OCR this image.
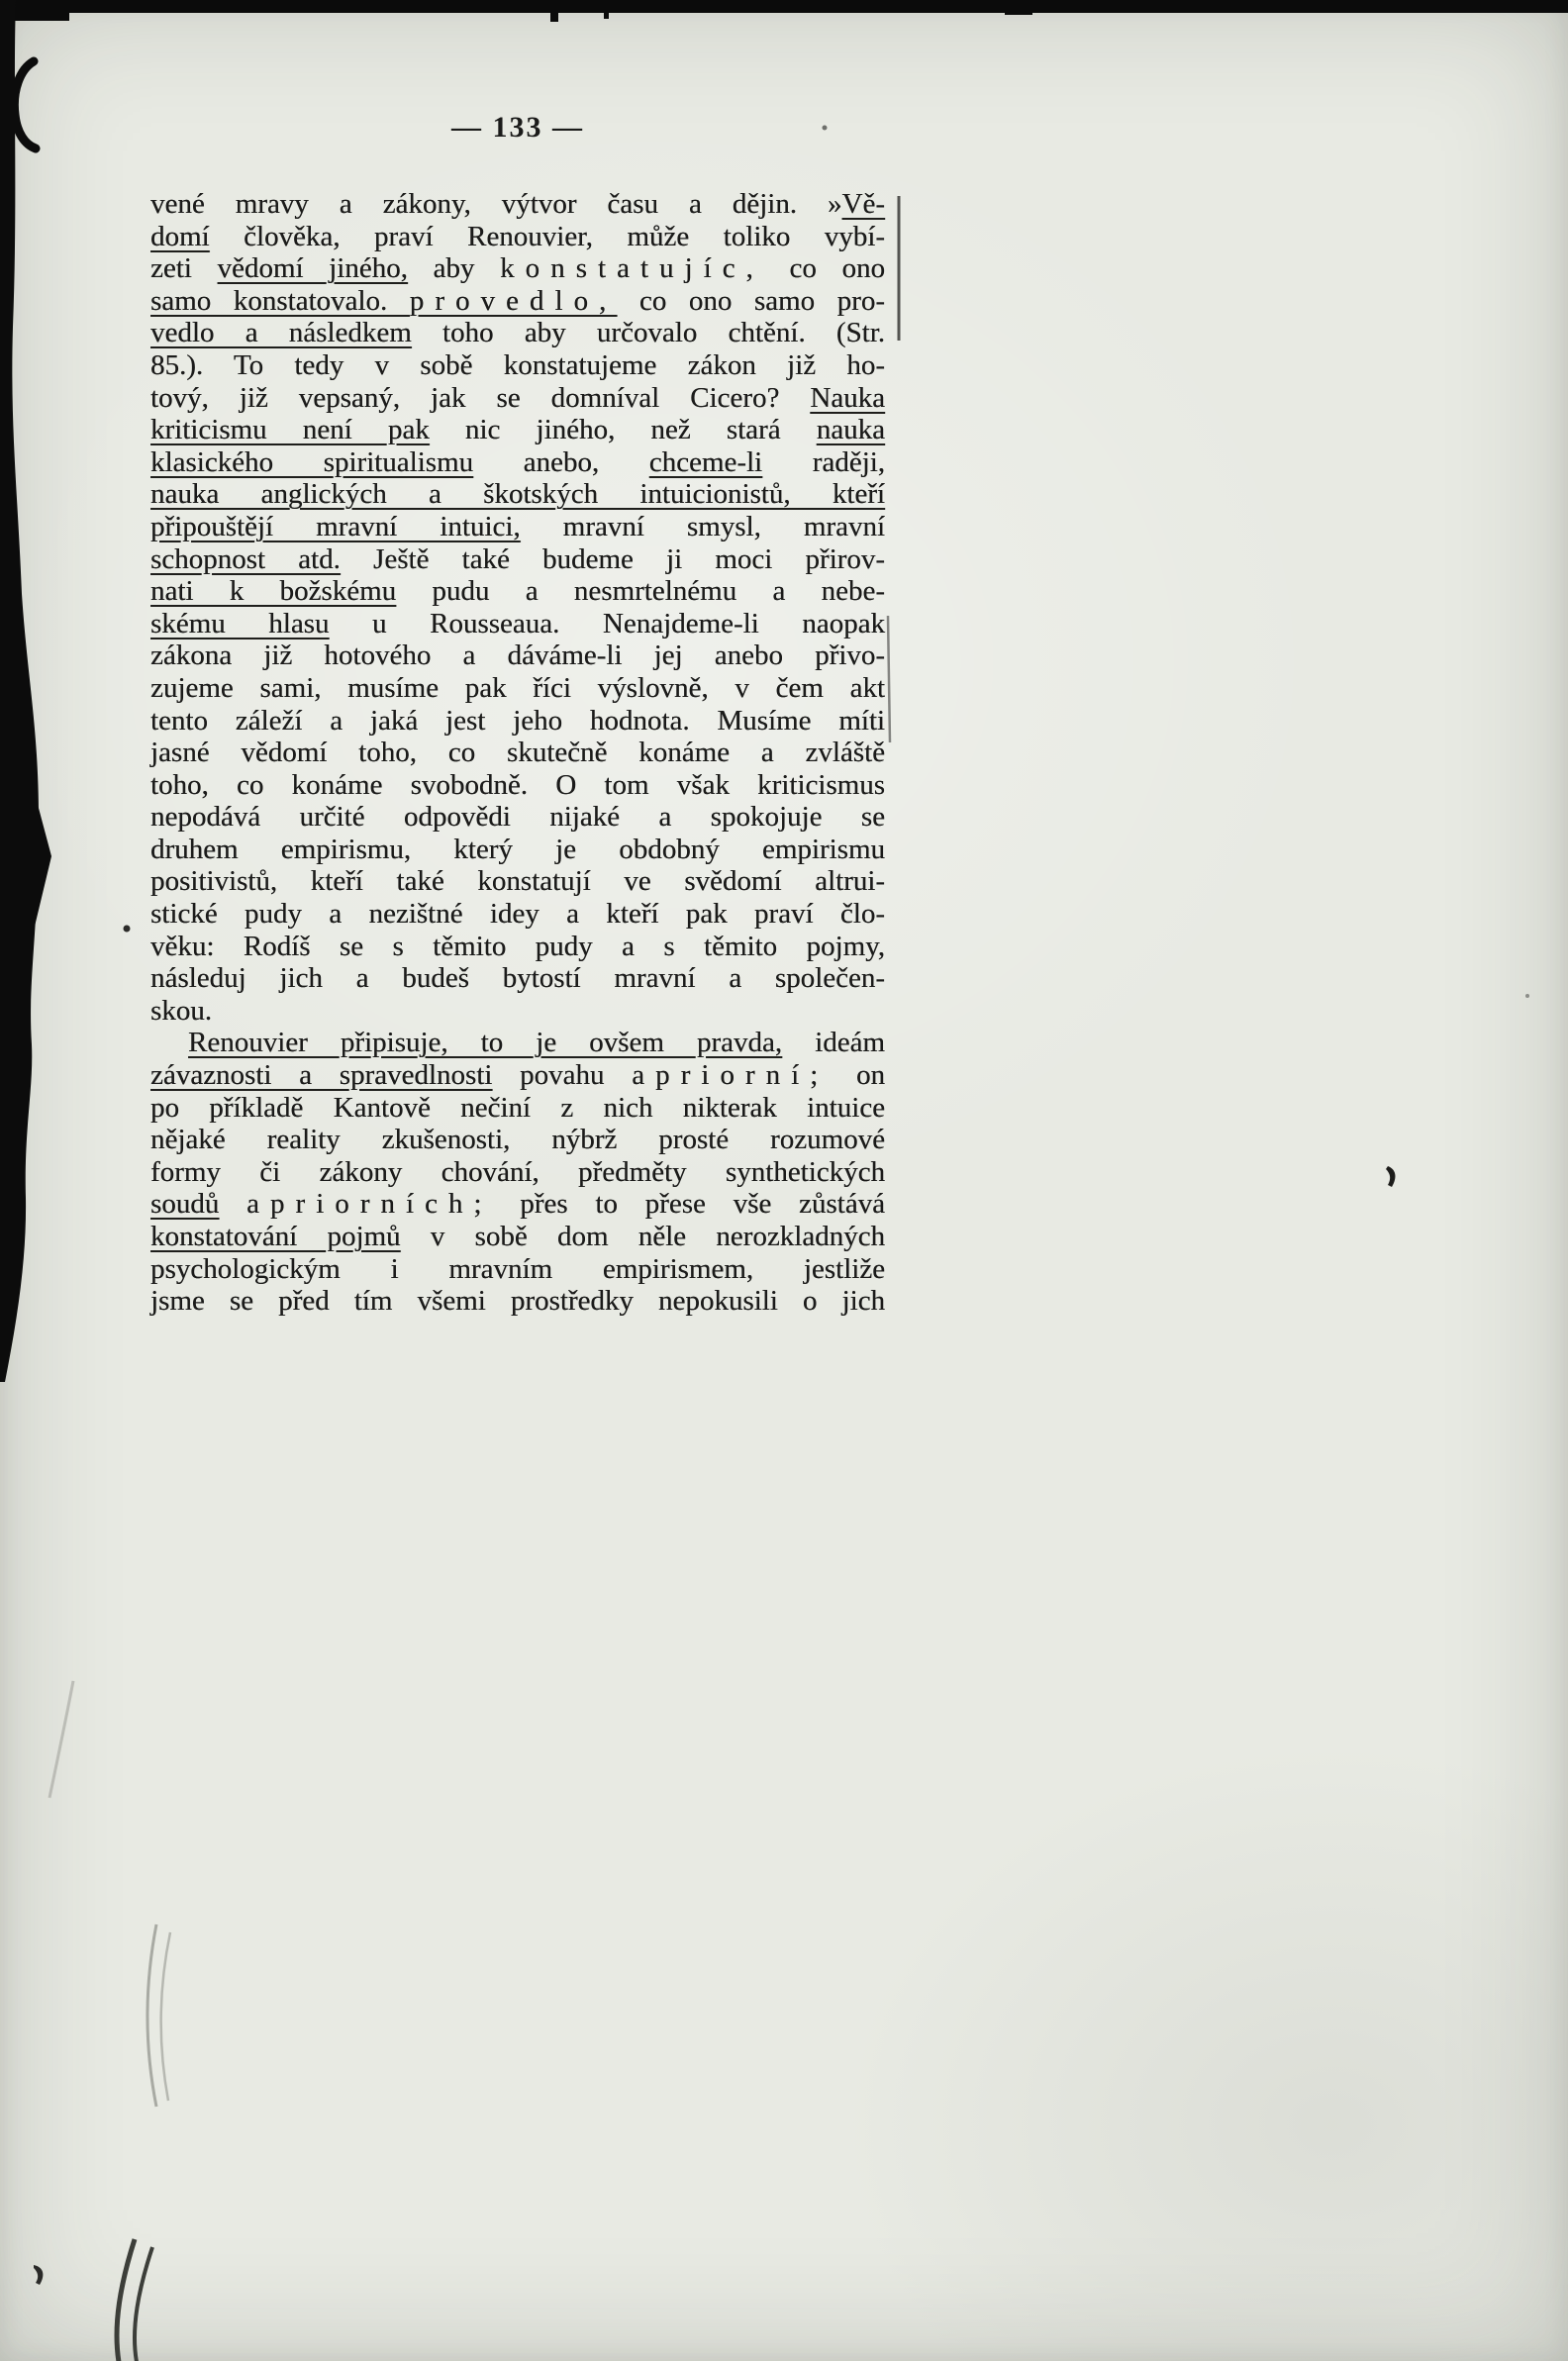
— 133 —
vené mravy a zákony, výtvor času a dějin. »Vě-
domí člověka, praví Renouvier, může toliko vybí-
zeti vědomí jiného, aby konstatujíc, co ono
samo konstatovalo. provedlo, co ono samo pro-
vedlo a následkem toho aby určovalo chtění. (Str.
85.). To tedy v sobě konstatujeme zákon již ho-
tový, již vepsaný, jak se domníval Cicero? Nauka
kriticismu není pak nic jiného, než stará nauka
klasického spiritualismu anebo, chceme-li raději,
nauka anglických a škotských intuicionistů, kteří
připouštějí mravní intuici, mravní smysl, mravní
schopnost atd. Ještě také budeme ji moci přirov-
nati k božskému pudu a nesmrtelnému a nebe-
skému hlasu u Rousseaua. Nenajdeme-li naopak
zákona již hotového a dáváme-li jej anebo přivo-
zujeme sami, musíme pak říci výslovně, v čem akt
tento záleží a jaká jest jeho hodnota. Musíme míti
jasné vědomí toho, co skutečně konáme a zvláště
toho, co konáme svobodně. O tom však kriticismus
nepodává určité odpovědi nijaké a spokojuje se
druhem empirismu, který je obdobný empirismu
positivistů, kteří také konstatují ve svědomí altrui-
stické pudy a nezištné idey a kteří pak praví člo-
věku: Rodíš se s těmito pudy a s těmito pojmy,
následuj jich a budeš bytostí mravní a společen-
skou.
Renouvier připisuje, to je ovšem pravda, ideám
závaznosti a spravedlnosti povahu apriorní; on
po příkladě Kantově nečiní z nich nikterak intuice
nějaké reality zkušenosti, nýbrž prosté rozumové
formy či zákony chování, předměty synthetických
soudů apriorních; přes to přese vše zůstává
konstatování pojmů v sobě dom něle nerozkladných
psychologickým i mravním empirismem, jestliže
jsme se před tím všemi prostředky nepokusili o jich
